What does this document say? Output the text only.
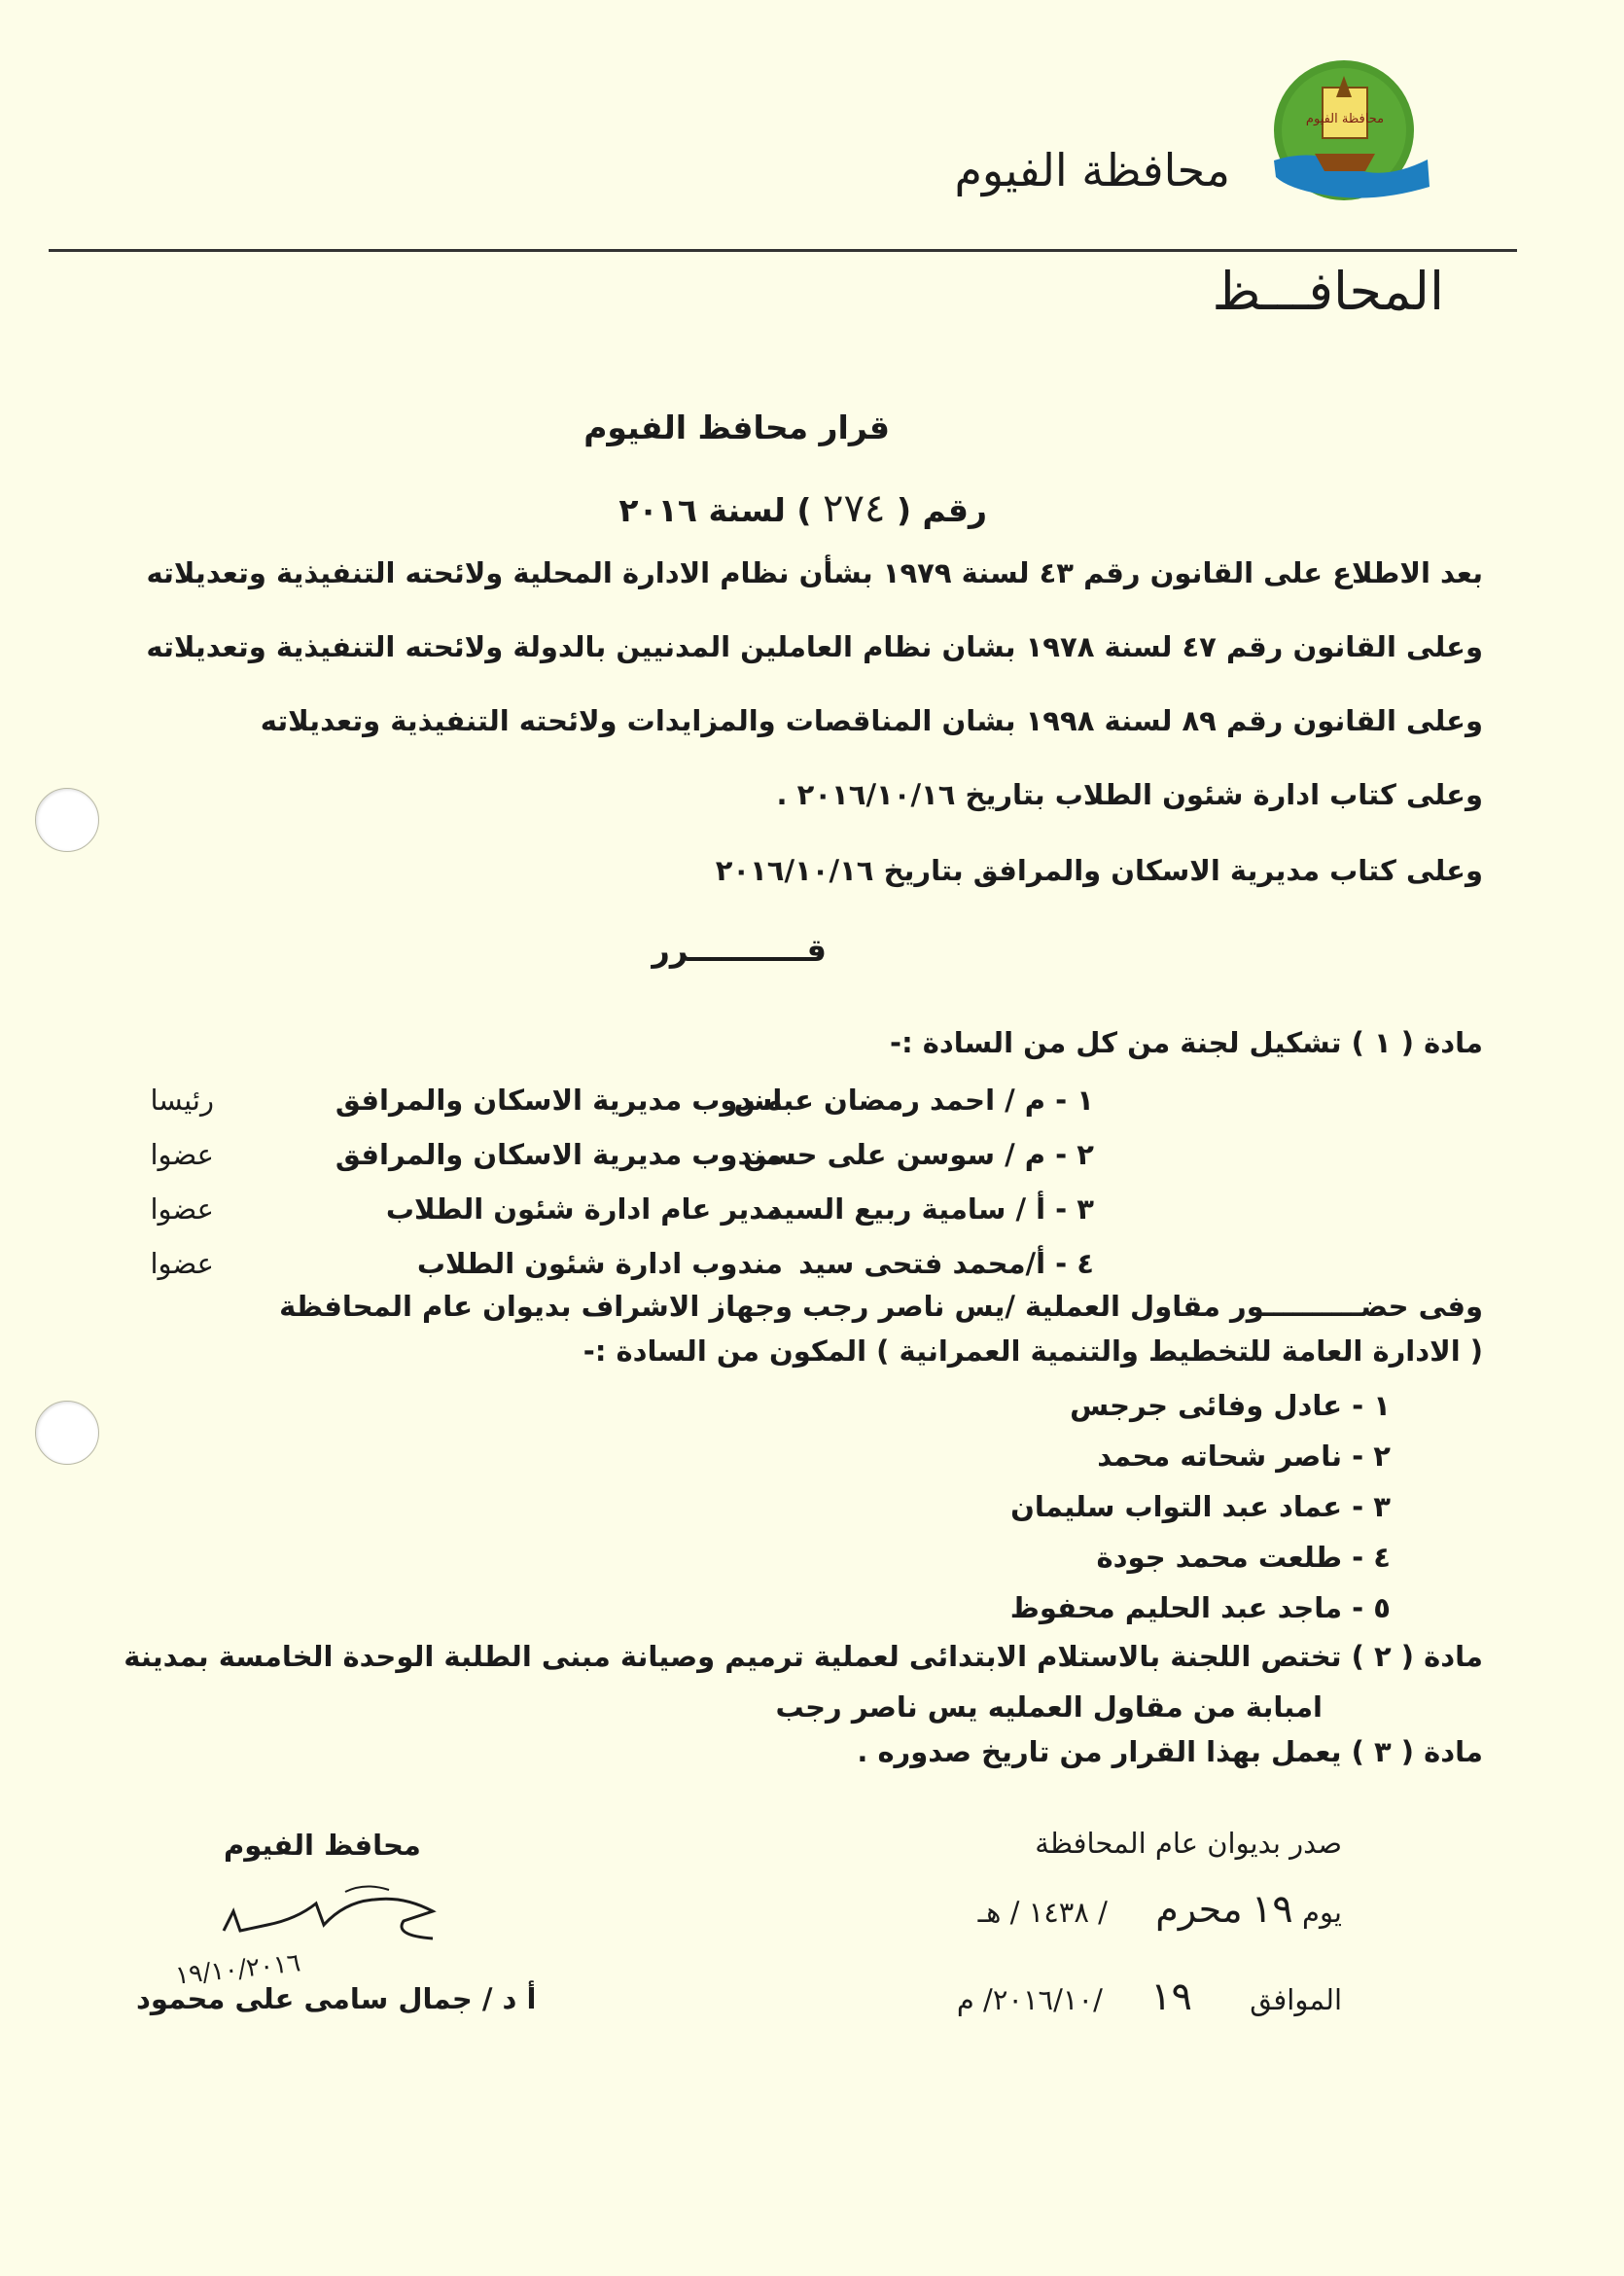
محافظة الفيوم
محافظة الفيوم
المحافـــظ
قرار محافظ الفيوم
رقم ( ٢٧٤ ) لسنة ٢٠١٦
بعد الاطلاع على القانون رقم ٤٣ لسنة ١٩٧٩ بشأن نظام الادارة المحلية ولائحته التنفيذية وتعديلاته
وعلى القانون رقم ٤٧ لسنة ١٩٧٨ بشان نظام العاملين المدنيين بالدولة ولائحته التنفيذية وتعديلاته
وعلى القانون رقم ٨٩ لسنة ١٩٩٨ بشان المناقصات والمزايدات ولائحته التنفيذية وتعديلاته
وعلى كتاب ادارة شئون الطلاب بتاريخ ٢٠١٦/١٠/١٦ .
وعلى كتاب مديرية الاسكان والمرافق بتاريخ ٢٠١٦/١٠/١٦
قـــــــــــرر
مادة ( ١ ) تشكيل لجنة من كل من السادة :-
١ - م / احمد رمضان عباس
مندوب مديرية الاسكان والمرافق
رئيسا
٢ - م / سوسن على حسن
مندوب مديرية الاسكان والمرافق
عضوا
٣ - أ / سامية ربيع السيد
مدير عام ادارة شئون الطلاب
عضوا
٤ - أ/محمد فتحى سيد
مندوب ادارة شئون الطلاب
عضوا
وفى حضــــــــــور مقاول العملية /يس ناصر رجب وجهاز الاشراف بديوان عام المحافظة
( الادارة العامة للتخطيط والتنمية العمرانية ) المكون من السادة :-
١ - عادل وفائى جرجس
٢ - ناصر شحاته محمد
٣ - عماد عبد التواب سليمان
٤ - طلعت محمد جودة
٥ - ماجد عبد الحليم محفوظ
مادة ( ٢ ) تختص اللجنة بالاستلام الابتدائى لعملية ترميم وصيانة مبنى الطلبة الوحدة الخامسة بمدينة
امبابة من مقاول العمليه يس ناصر رجب
مادة ( ٣ ) يعمل بهذا القرار من تاريخ صدوره .
صدر بديوان عام المحافظة
يوم ١٩ محرم / ١٤٣٨ / هـ
الموافق ١٩ /٢٠١٦/١٠/ م
محافظ الفيوم
١٩/١٠/٢٠١٦
أ د / جمال سامى على محمود
